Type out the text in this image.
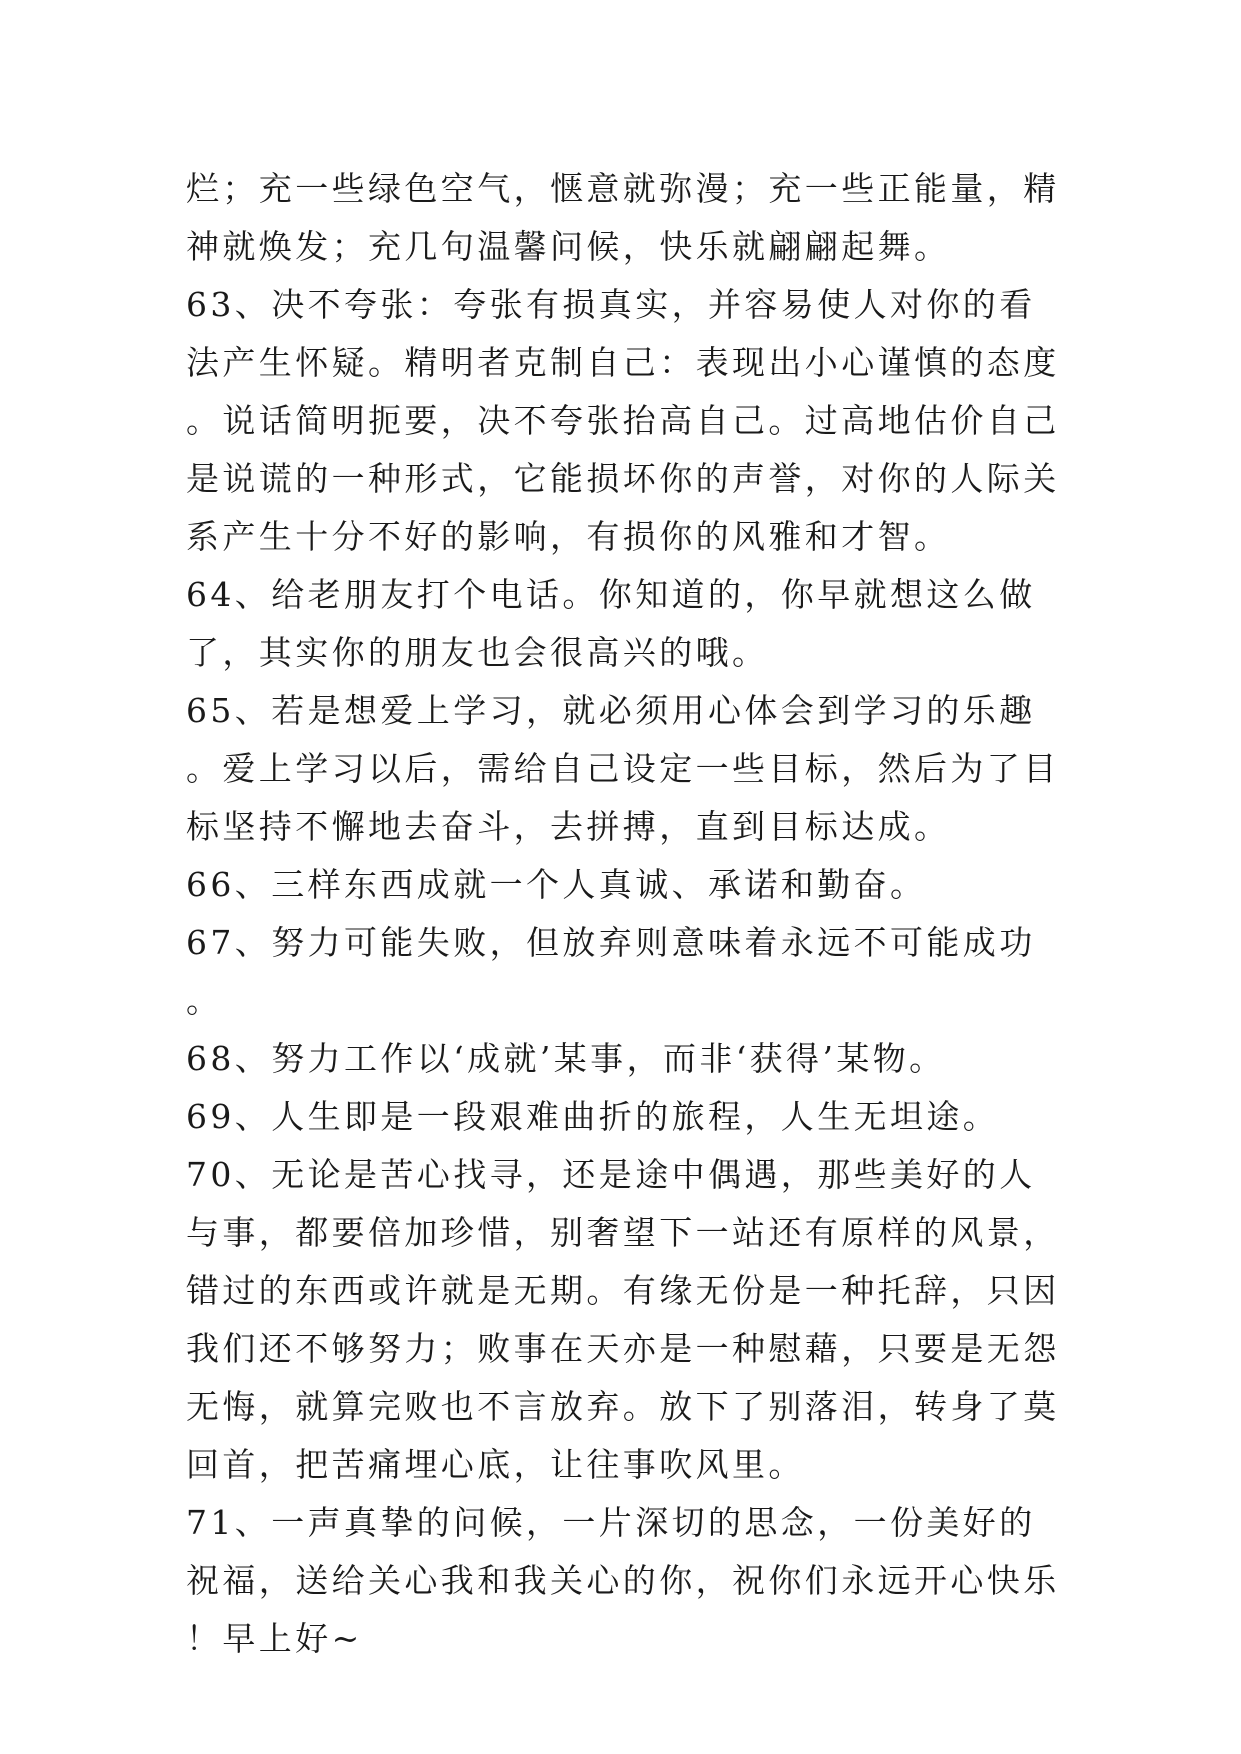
烂；充一些绿色空气，惬意就弥漫；充一些正能量，精神就焕发；充几句温馨问候，快乐就翩翩起舞。

63、决不夸张：夸张有损真实，并容易使人对你的看法产生怀疑。精明者克制自己：表现出小心谨慎的态度。说话简明扼要，决不夸张抬高自己。过高地估价自己是说谎的一种形式，它能损坏你的声誉，对你的人际关系产生十分不好的影响，有损你的风雅和才智。

64、给老朋友打个电话。你知道的，你早就想这么做了，其实你的朋友也会很高兴的哦。

65、若是想爱上学习，就必须用心体会到学习的乐趣。爱上学习以后，需给自己设定一些目标，然后为了目标坚持不懈地去奋斗，去拼搏，直到目标达成。

66、三样东西成就一个人真诚、承诺和勤奋。

67、努力可能失败，但放弃则意味着永远不可能成功。

68、努力工作以‘成就’某事，而非‘获得’某物。

69、人生即是一段艰难曲折的旅程，人生无坦途。

70、无论是苦心找寻，还是途中偶遇，那些美好的人与事，都要倍加珍惜，别奢望下一站还有原样的风景，错过的东西或许就是无期。有缘无份是一种托辞，只因我们还不够努力；败事在天亦是一种慰藉，只要是无怨无悔，就算完败也不言放弃。放下了别落泪，转身了莫回首，把苦痛埋心底，让往事吹风里。

71、一声真挚的问候，一片深切的思念，一份美好的祝福，送给关心我和我关心的你，祝你们永远开心快乐！早上好~
